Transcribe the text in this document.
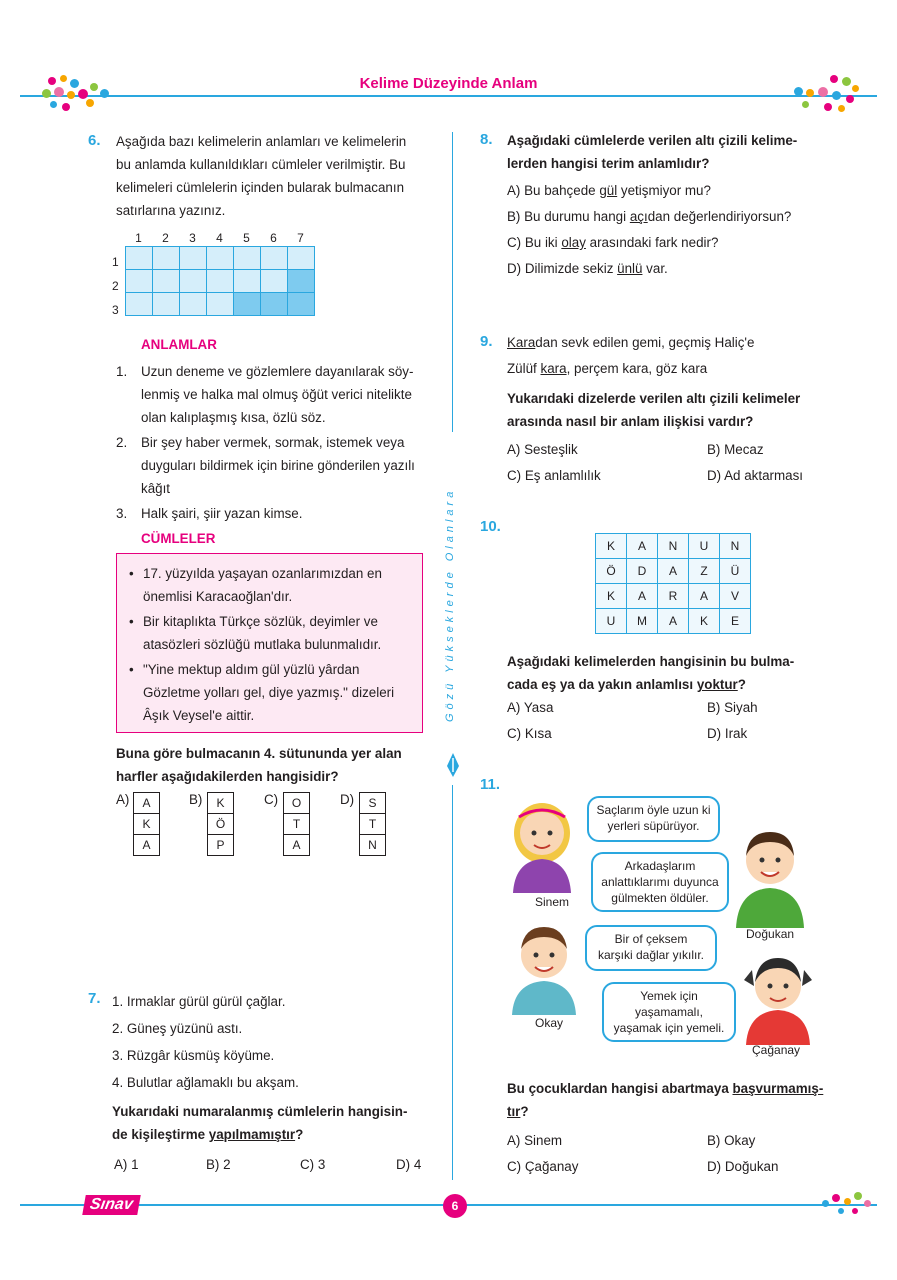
Kelime Düzeyinde Anlam
Gözü Yükseklerde Olanlara
6. Aşağıda bazı kelimelerin anlamları ve kelimelerin
bu anlamda kullanıldıkları cümleler verilmiştir. Bu
kelimeleri cümlelerin içinden bularak bulmacanın
satırlarına yazınız.
1 2 3 4 5 6 7
1
2
3

ANLAMLAR
1. Uzun deneme ve gözlemlere dayanılarak söy-
lenmiş ve halka mal olmuş öğüt verici nitelikte
olan kalıplaşmış kısa, özlü söz.
2. Bir şey haber vermek, sormak, istemek veya
duyguları bildirmek için birine gönderilen yazılı
kâğıt
3. Halk şairi, şiir yazan kimse.
CÜMLELER
• 17. yüzyılda yaşayan ozanlarımızdan en
önemlisi Karacaoğlan'dır.
• Bir kitaplıkta Türkçe sözlük, deyimler ve
atasözleri sözlüğü mutlaka bulunmalıdır.
• "Yine mektup aldım gül yüzlü yârdan
Gözletme yolları gel, diye yazmış." dizeleri
Âşık Veysel'e aittir.
Buna göre bulmacanın 4. sütununda yer alan
harfler aşağıdakilerden hangisidir?
A)	A
K
A
B)	K
Ö
P
C)	O
T
A
D)	S
T
N
7. 1. Irmaklar gürül gürül çağlar.
2. Güneş yüzünü astı.
3. Rüzgâr küsmüş köyüme.
4. Bulutlar ağlamaklı bu akşam.
Yukarıdaki numaralanmış cümlelerin hangisin-
de kişileştirme yapılmamıştır?
A) 1	B) 2	C) 3	D) 4
8. Aşağıdaki cümlelerde verilen altı çizili kelime-
lerden hangisi terim anlamlıdır?
A) Bu bahçede gül yetişmiyor mu?
B) Bu durumu hangi açıdan değerlendiriyorsun?
C) Bu iki olay arasındaki fark nedir?
D) Dilimizde sekiz ünlü var.
9. Karadan sevk edilen gemi, geçmiş Haliç'e
Zülüf kara, perçem kara, göz kara
Yukarıdaki dizelerde verilen altı çizili kelimeler
arasında nasıl bir anlam ilişkisi vardır?
A) Sesteşlik	B) Mecaz
C) Eş anlamlılık	D) Ad aktarması
10.
K	A	N	U	N
Ö	D	A	Z	Ü
K	A	R	A	V
U	M	A	K	E
Aşağıdaki kelimelerden hangisinin bu bulma-
cada eş ya da yakın anlamlısı yoktur?
A) Yasa	B) Siyah
C) Kısa	D) Irak
11.
Sinem
Doğukan
Okay
Çağanay
Saçlarım öyle uzun ki
yerleri süpürüyor.
Arkadaşlarım
anlattıklarımı duyunca
gülmekten öldüler.
Bir of çeksem
karşıki dağlar yıkılır.
Yemek için
yaşamamalı,
yaşamak için yemeli.
Bu çocuklardan hangisi abartmaya başvurmamış-
tır?
A) Sinem	B) Okay
C) Çağanay	D) Doğukan
Sınav	6
